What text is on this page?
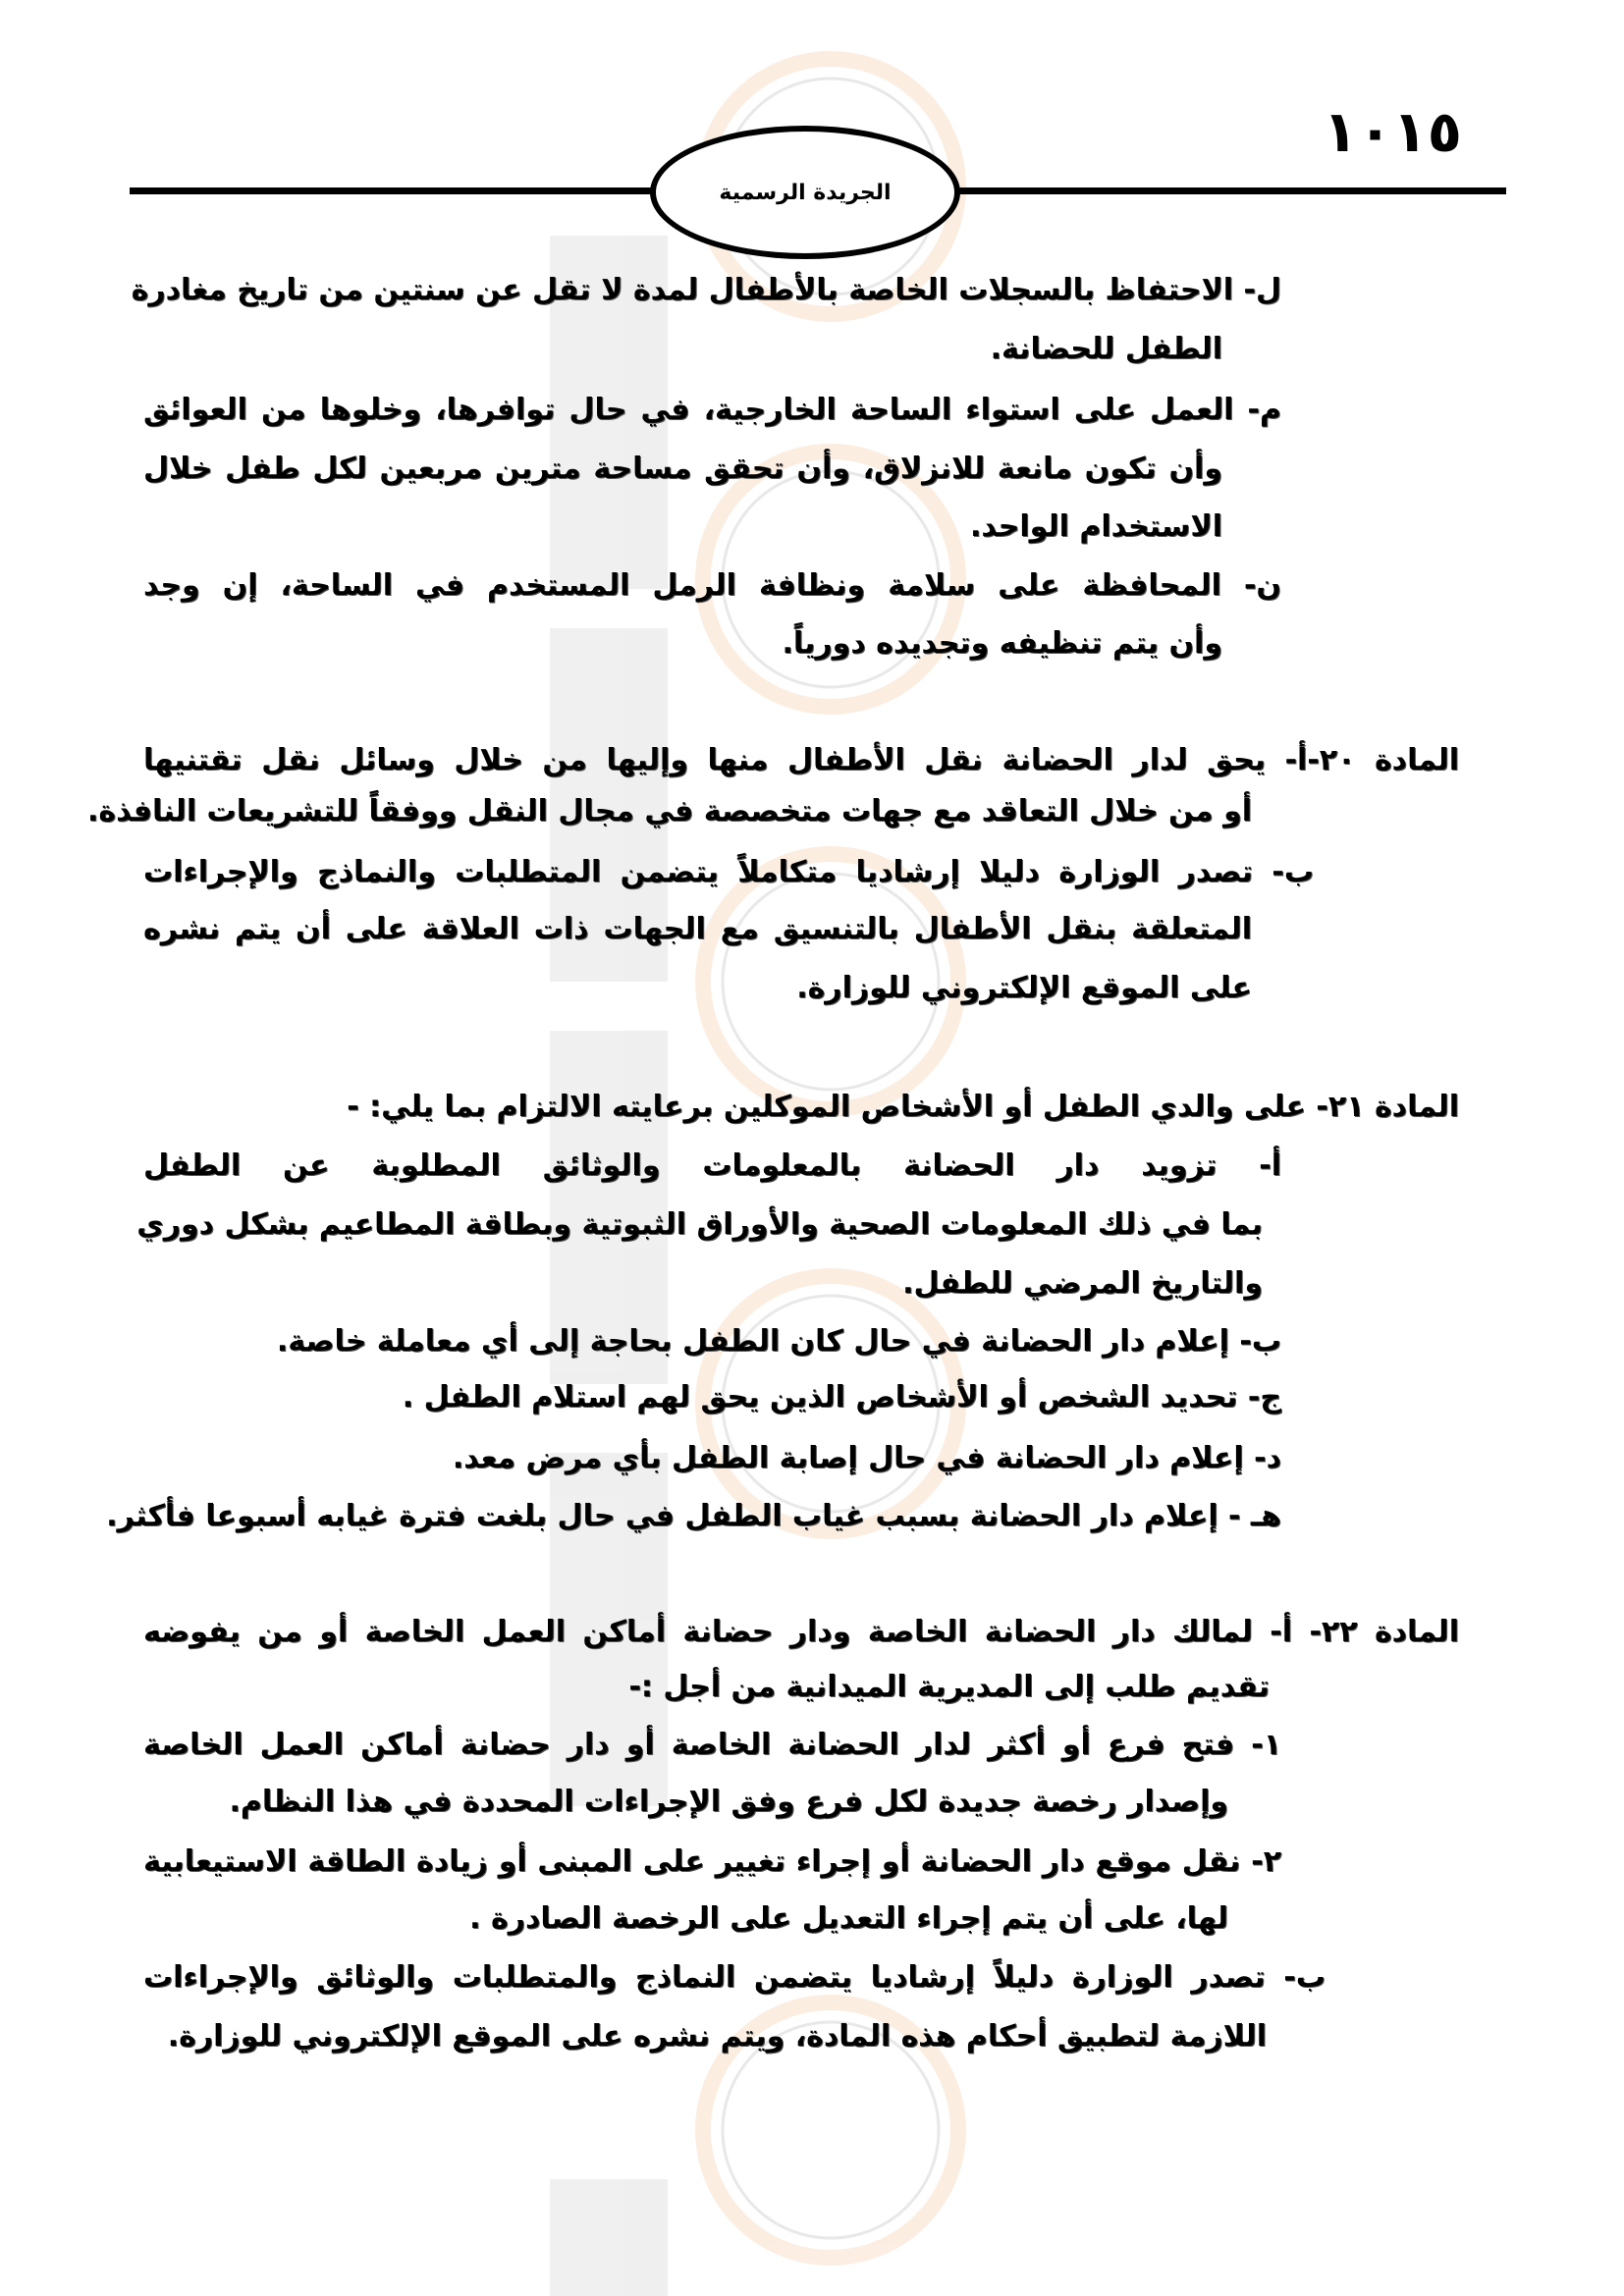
١٠١٥
الجريدة الرسمية
ل- الاحتفاظ بالسجلات الخاصة بالأطفال لمدة لا تقل عن سنتين من تاريخ مغادرة
الطفل للحضانة.
م- العمل على استواء الساحة الخارجية، في حال توافرها، وخلوها من العوائق
وأن تكون مانعة للانزلاق، وأن تحقق مساحة مترين مربعين لكل طفل خلال
الاستخدام الواحد.
ن- المحافظة على سلامة ونظافة الرمل المستخدم في الساحة، إن وجد
وأن يتم تنظيفه وتجديده دورياً.
المادة ٢٠-أ- يحق لدار الحضانة نقل الأطفال منها وإليها من خلال وسائل نقل تقتنيها
أو من خلال التعاقد مع جهات متخصصة في مجال النقل ووفقاً للتشريعات النافذة.
ب- تصدر الوزارة دليلا إرشاديا متكاملاً يتضمن المتطلبات والنماذج والإجراءات
المتعلقة بنقل الأطفال بالتنسيق مع الجهات ذات العلاقة على أن يتم نشره
على الموقع الإلكتروني للوزارة.
المادة ٢١- على والدي الطفل أو الأشخاص الموكلين برعايته الالتزام بما يلي: -
أ- تزويد دار الحضانة بالمعلومات والوثائق المطلوبة عن الطفل
بما في ذلك المعلومات الصحية والأوراق الثبوتية وبطاقة المطاعيم بشكل دوري
والتاريخ المرضي للطفل.
ب- إعلام دار الحضانة في حال كان الطفل بحاجة إلى أي معاملة خاصة.
ج- تحديد الشخص أو الأشخاص الذين يحق لهم استلام الطفل .
د- إعلام دار الحضانة في حال إصابة الطفل بأي مرض معد.
هـ - إعلام دار الحضانة بسبب غياب الطفل في حال بلغت فترة غيابه أسبوعا فأكثر.
المادة ٢٢- أ- لمالك دار الحضانة الخاصة ودار حضانة أماكن العمل الخاصة أو من يفوضه
تقديم طلب إلى المديرية الميدانية من أجل :-
١- فتح فرع أو أكثر لدار الحضانة الخاصة أو دار حضانة أماكن العمل الخاصة
وإصدار رخصة جديدة لكل فرع وفق الإجراءات المحددة في هذا النظام.
٢- نقل موقع دار الحضانة أو إجراء تغيير على المبنى أو زيادة الطاقة الاستيعابية
لها، على أن يتم إجراء التعديل على الرخصة الصادرة .
ب- تصدر الوزارة دليلاً إرشاديا يتضمن النماذج والمتطلبات والوثائق والإجراءات
اللازمة لتطبيق أحكام هذه المادة، ويتم نشره على الموقع الإلكتروني للوزارة.
